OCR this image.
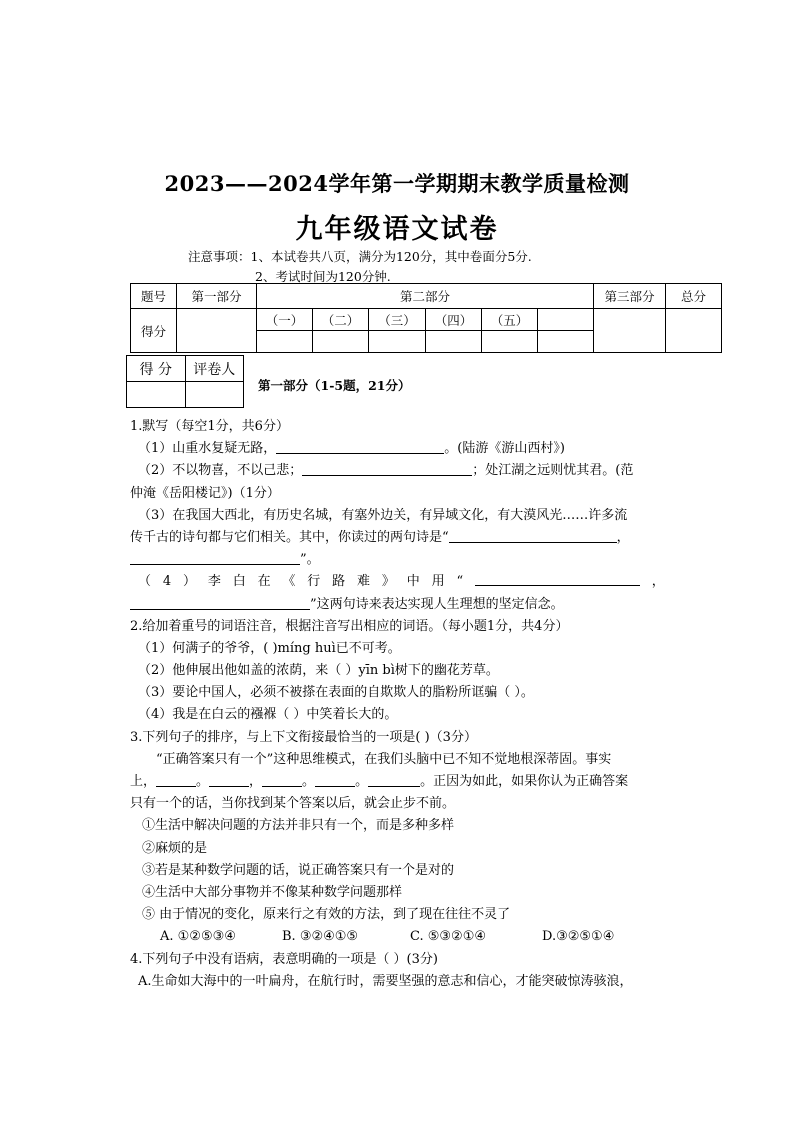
2023——2024学年第一学期期末教学质量检测
九年级语文试卷
注意事项：1、本试卷共八页，满分为120分，其中卷面分5分.
2、考试时间为120分钟.
题号	第一部分	第二部分						第三部分	总分
得分		（一）	（二）	（三）	（四）	（五）			

得 分	评卷人

第一部分（1-5题，21分）
1.默写（每空1分，共6分）
（1）山重水复疑无路，	。(陆游《游山西村》)
（2）不以物喜，不以己悲；	；处江湖之远则忧其君。(范
仲淹《岳阳楼记》)（1分）
（3）在我国大西北，有历史名城，有塞外边关，有异域文化，有大漠风光……许多流
传千古的诗句都与它们相关。其中，你读过的两句诗是“	，
”。
（ 4 ） 李 白 在 《 行 路 难 》 中 用 “	，
”这两句诗来表达实现人生理想的坚定信念。
2.给加着重号的词语注音，根据注音写出相应的词语。（每小题1分，共4分）
（1）何满子的爷爷，( )míng huì已不可考。
（2）他伸展出他如盖的浓荫，来（ ）yīn bì树下的幽花芳草。
（3）要论中国人，必须不被搽在表面的自欺欺人的脂粉所诓骗（ ）。
（4）我是在白云的襁褓（ ）中笑着长大的。
3.下列句子的排序，与上下文衔接最恰当的一项是( )（3分）
“正确答案只有一个”这种思维模式，在我们头脑中已不知不觉地根深蒂固。事实
上，	。	，	。	。	。正因为如此，如果你认为正确答案
只有一个的话，当你找到某个答案以后，就会止步不前。
①生活中解决问题的方法并非只有一个，而是多种多样
②麻烦的是
③若是某种数学问题的话，说正确答案只有一个是对的
④生活中大部分事物并不像某种数学问题那样
⑤ 由于情况的变化，原来行之有效的方法，到了现在往往不灵了
A. ①②⑤③④	B. ③②④①⑤	C. ⑤③②①④	D.③②⑤①④
4.下列句子中没有语病，表意明确的一项是（ ）(3分)
A.生命如大海中的一叶扁舟，在航行时，需要坚强的意志和信心，才能突破惊涛骇浪，
